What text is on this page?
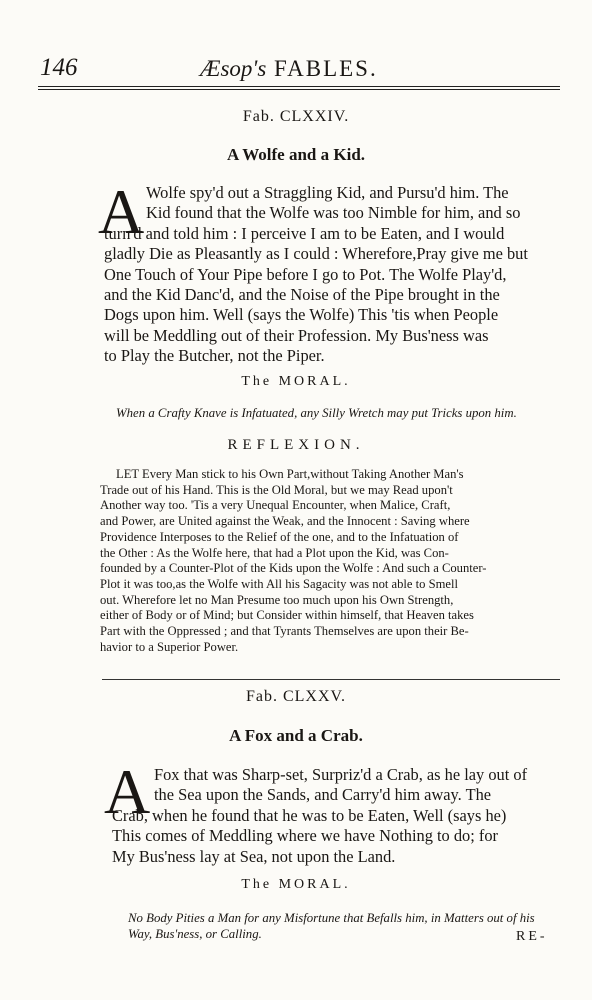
146	Æsop's FABLES.
Fab. CLXXIV.
A Wolfe and a Kid.
A Wolfe spy'd out a Straggling Kid, and Pursu'd him. The
Kid found that the Wolfe was too Nimble for him, and so
turn'd and told him : I perceive I am to be Eaten, and I would
gladly Die as Pleasantly as I could : Wherefore,Pray give me but
One Touch of Your Pipe before I go to Pot. The Wolfe Play'd,
and the Kid Danc'd, and the Noise of the Pipe brought in the
Dogs upon him. Well (says the Wolfe) This 'tis when People
will be Meddling out of their Profession. My Bus'ness was
to Play the Butcher, not the Piper.
The MORAL.
When a Crafty Knave is Infatuated, any Silly Wretch may put Tricks upon him.
REFLEXION.
LET Every Man stick to his Own Part,without Taking Another Man's
Trade out of his Hand. This is the Old Moral, but we may Read upon't
Another way too. 'Tis a very Unequal Encounter, when Malice, Craft,
and Power, are United against the Weak, and the Innocent : Saving where
Providence Interposes to the Relief of the one, and to the Infatuation of
the Other : As the Wolfe here, that had a Plot upon the Kid, was Con-
founded by a Counter-Plot of the Kids upon the Wolfe : And such a Counter-
Plot it was too,as the Wolfe with All his Sagacity was not able to Smell
out. Wherefore let no Man Presume too much upon his Own Strength,
either of Body or of Mind; but Consider within himself, that Heaven takes
Part with the Oppressed ; and that Tyrants Themselves are upon their Be-
havior to a Superior Power.
Fab. CLXXV.
A Fox and a Crab.
A Fox that was Sharp-set, Surpriz'd a Crab, as he lay out of
the Sea upon the Sands, and Carry'd him away. The
Crab, when he found that he was to be Eaten, Well (says he)
This comes of Meddling where we have Nothing to do; for
My Bus'ness lay at Sea, not upon the Land.
The MORAL.
No Body Pities a Man for any Misfortune that Befalls him, in Matters out of his Way, Bus'ness, or Calling.	RE-
